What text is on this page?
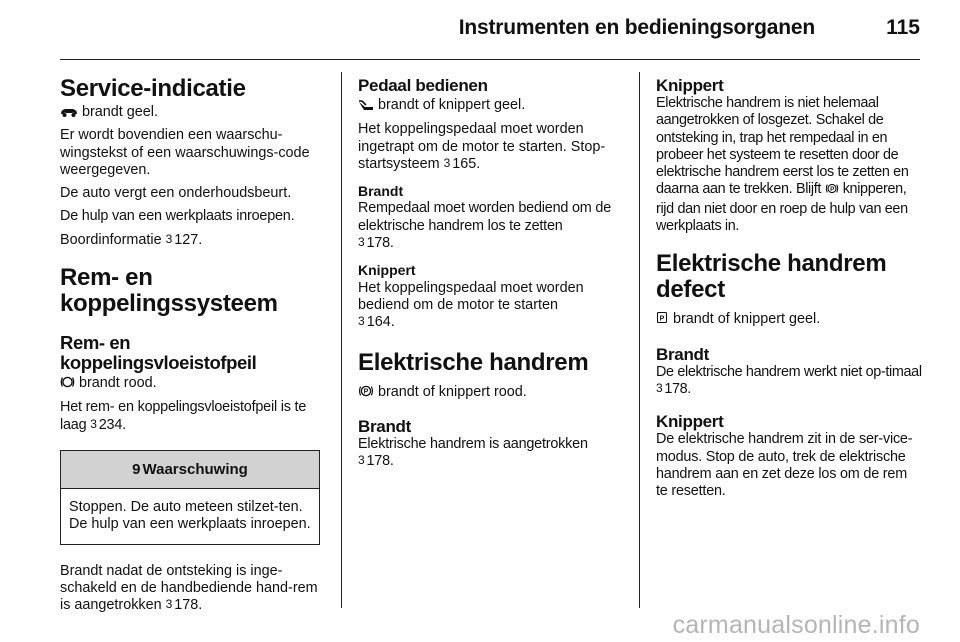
Instrumenten en bedieningsorganen	115

Service-indicatie

brandt geel.

Er wordt bovendien een waarschu-wingstekst of een waarschuwings-code weergegeven.

De auto vergt een onderhoudsbeurt.

De hulp van een werkplaats inroepen.

Boordinformatie 3 127.

Rem- en

koppelingssysteem

Rem- en koppelingsvloeistofpeil

brandt rood.

Het rem- en koppelingsvloeistofpeil is te laag 3 234.

9 Waarschuwing
Stoppen. De auto meteen stilzet-ten. De hulp van een werkplaats inroepen.

Brandt nadat de ontsteking is inge-schakeld en de handbediende hand-rem is aangetrokken 3 178.

Pedaal bedienen

brandt of knippert geel.

Het koppelingspedaal moet worden ingetrapt om de motor te starten. Stop-startsysteem 3 165.

Brandt

Rempedaal moet worden bediend om de elektrische handrem los te zetten
3 178.

Knippert

Het koppelingspedaal moet worden bediend om de motor te starten
3 164.

Elektrische handrem

P brandt of knippert rood.

Brandt

Elektrische handrem is aangetrokken
3 178.

Knippert

Elektrische handrem is niet helemaal aangetrokken of losgezet. Schakel de ontsteking in, trap het rempedaal in en probeer het systeem te resetten door de elektrische handrem eerst los te zetten en daarna aan te trekken. Blijft P knipperen, rijd dan niet door en roep de hulp van een werkplaats in.

Elektrische handrem

defect

P brandt of knippert geel.

Brandt

De elektrische handrem werkt niet op-timaal 3 178.

Knippert

De elektrische handrem zit in de ser-vice-modus. Stop de auto, trek de elektrische handrem aan en zet deze los om de rem te resetten.

carmanualsonline.info
